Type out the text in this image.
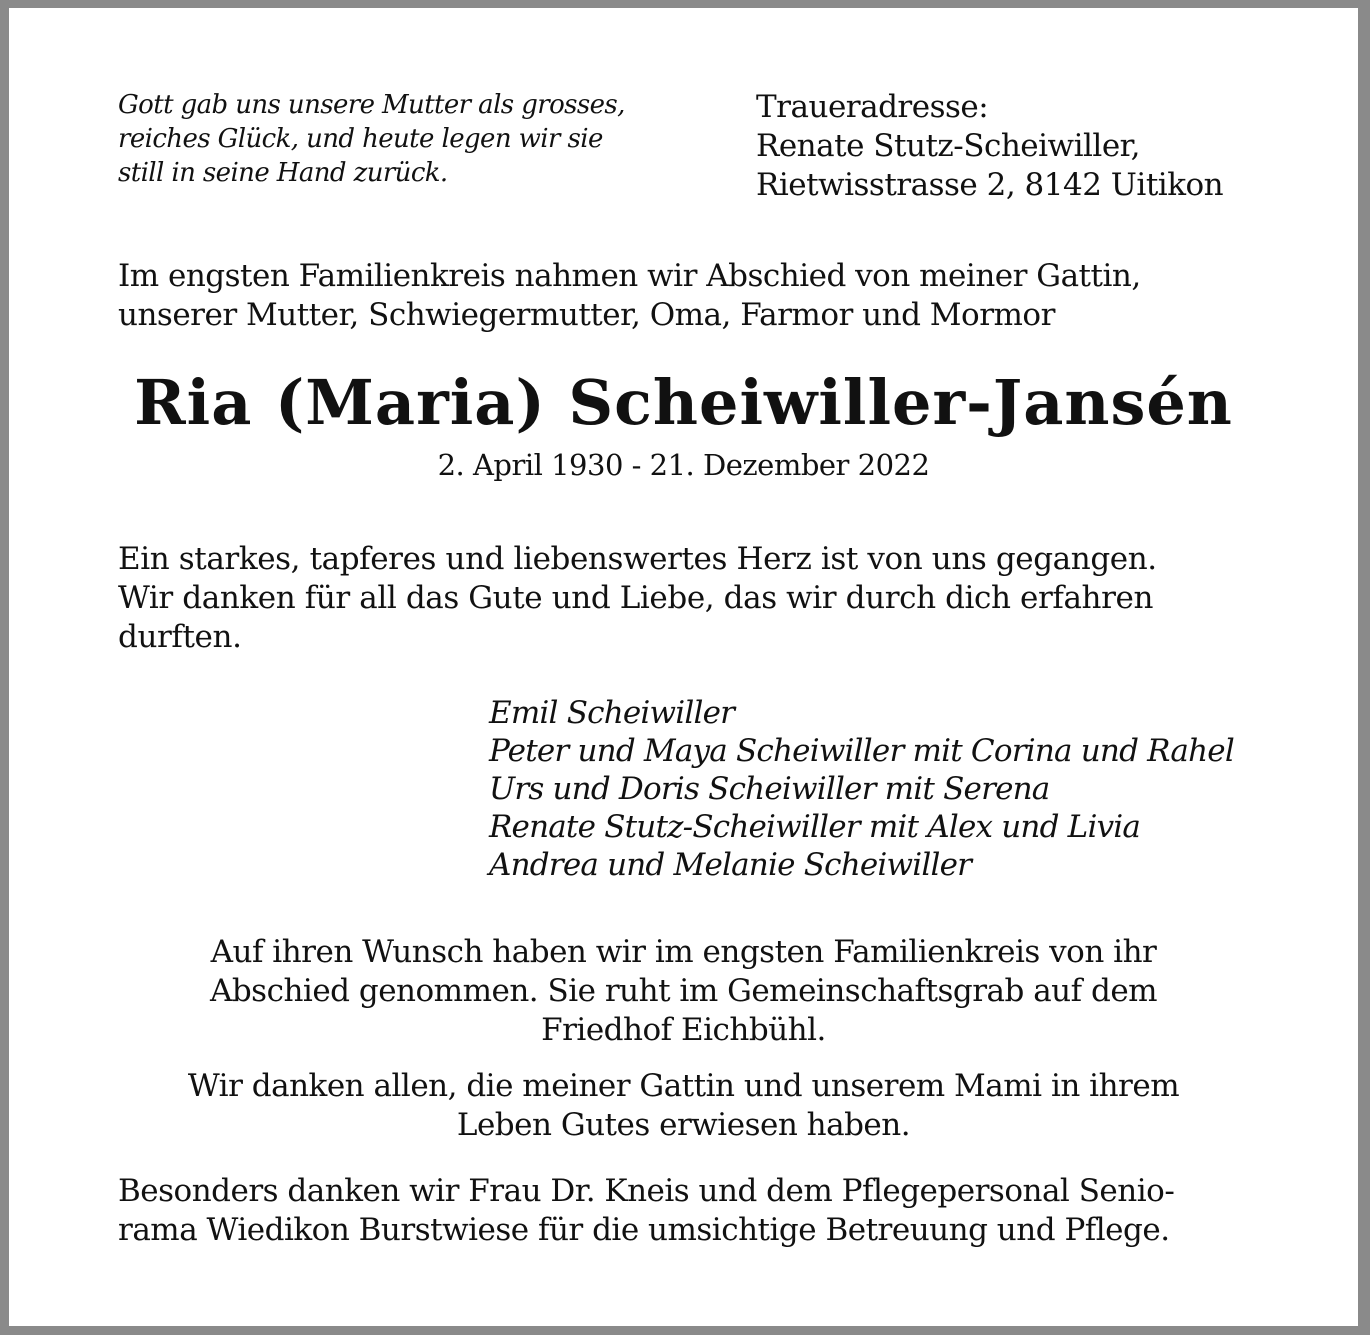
Gott gab uns unsere Mutter als grosses,
reiches Glück, und heute legen wir sie
still in seine Hand zurück.

Traueradresse:
Renate Stutz-Scheiwiller,
Rietwisstrasse 2, 8142 Uitikon

Im engsten Familienkreis nahmen wir Abschied von meiner Gattin,
unserer Mutter, Schwiegermutter, Oma, Farmor und Mormor

Ria (Maria) Scheiwiller-Jansén

2. April 1930 - 21. Dezember 2022

Ein starkes, tapferes und liebenswertes Herz ist von uns gegangen.
Wir danken für all das Gute und Liebe, das wir durch dich erfahren
durften.

Emil Scheiwiller
Peter und Maya Scheiwiller mit Corina und Rahel
Urs und Doris Scheiwiller mit Serena
Renate Stutz-Scheiwiller mit Alex und Livia
Andrea und Melanie Scheiwiller

Auf ihren Wunsch haben wir im engsten Familienkreis von ihr
Abschied genommen. Sie ruht im Gemeinschaftsgrab auf dem
Friedhof Eichbühl.

Wir danken allen, die meiner Gattin und unserem Mami in ihrem
Leben Gutes erwiesen haben.

Besonders danken wir Frau Dr. Kneis und dem Pflegepersonal Senio-
rama Wiedikon Burstwiese für die umsichtige Betreuung und Pflege.
